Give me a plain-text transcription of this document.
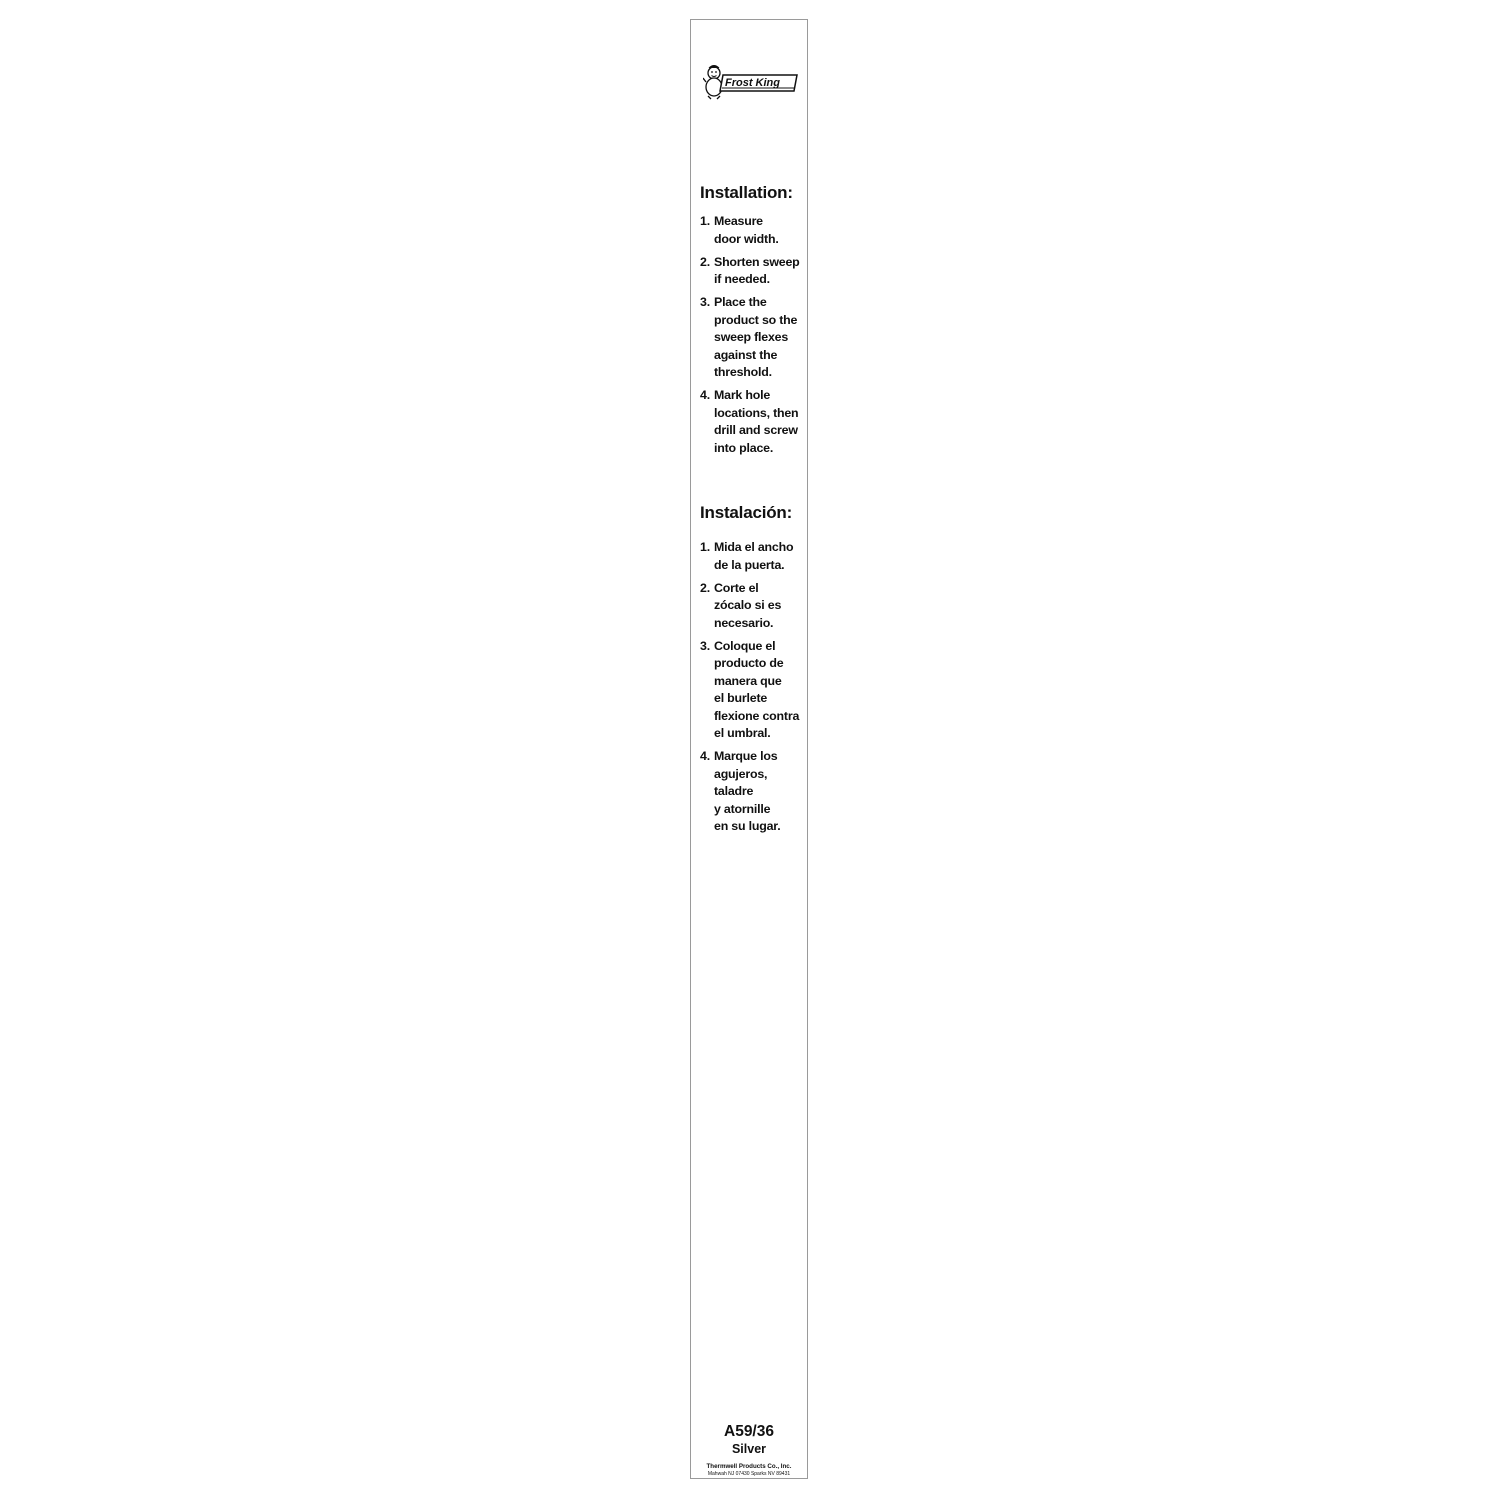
Frost King
Installation:
1. Measure
door width.
2. Shorten sweep
if needed.
3. Place the
product so the
sweep flexes
against the
threshold.
4. Mark hole
locations, then
drill and screw
into place.
Instalación:
1. Mida el ancho
de la puerta.
2. Corte el
zócalo si es
necesario.
3. Coloque el
producto de
manera que
el burlete
flexione contra
el umbral.
4. Marque los
agujeros,
taladre
y atornille
en su lugar.
A59/36
Silver
Thermwell Products Co., Inc.
Mahwah NJ 07430 Sparks NV 89431
